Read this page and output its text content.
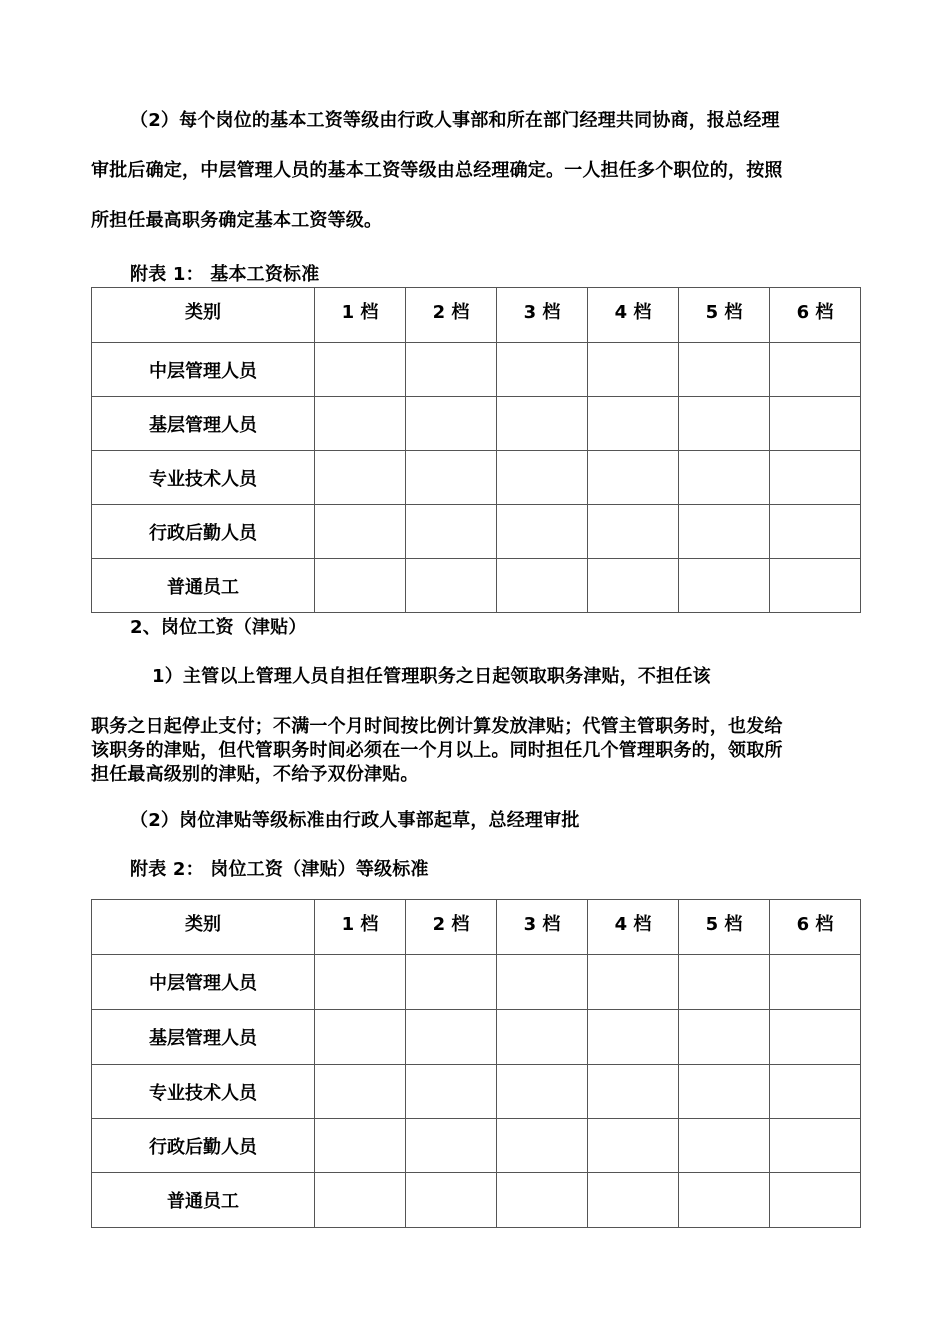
（2）每个岗位的基本工资等级由行政人事部和所在部门经理共同协商，报总经理
审批后确定，中层管理人员的基本工资等级由总经理确定。一人担任多个职位的，按照
所担任最高职务确定基本工资等级。
附表 1： 基本工资标准
类别	1 档	2 档	3 档	4 档	5 档	6 档
中层管理人员						
基层管理人员						
专业技术人员						
行政后勤人员						
普通员工						
2、岗位工资（津贴）
1）主管以上管理人员自担任管理职务之日起领取职务津贴，不担任该
职务之日起停止支付；不满一个月时间按比例计算发放津贴；代管主管职务时，也发给
该职务的津贴，但代管职务时间必须在一个月以上。同时担任几个管理职务的，领取所
担任最高级别的津贴，不给予双份津贴。
（2）岗位津贴等级标准由行政人事部起草，总经理审批
附表 2： 岗位工资（津贴）等级标准
类别	1 档	2 档	3 档	4 档	5 档	6 档
中层管理人员						
基层管理人员						
专业技术人员						
行政后勤人员						
普通员工						
